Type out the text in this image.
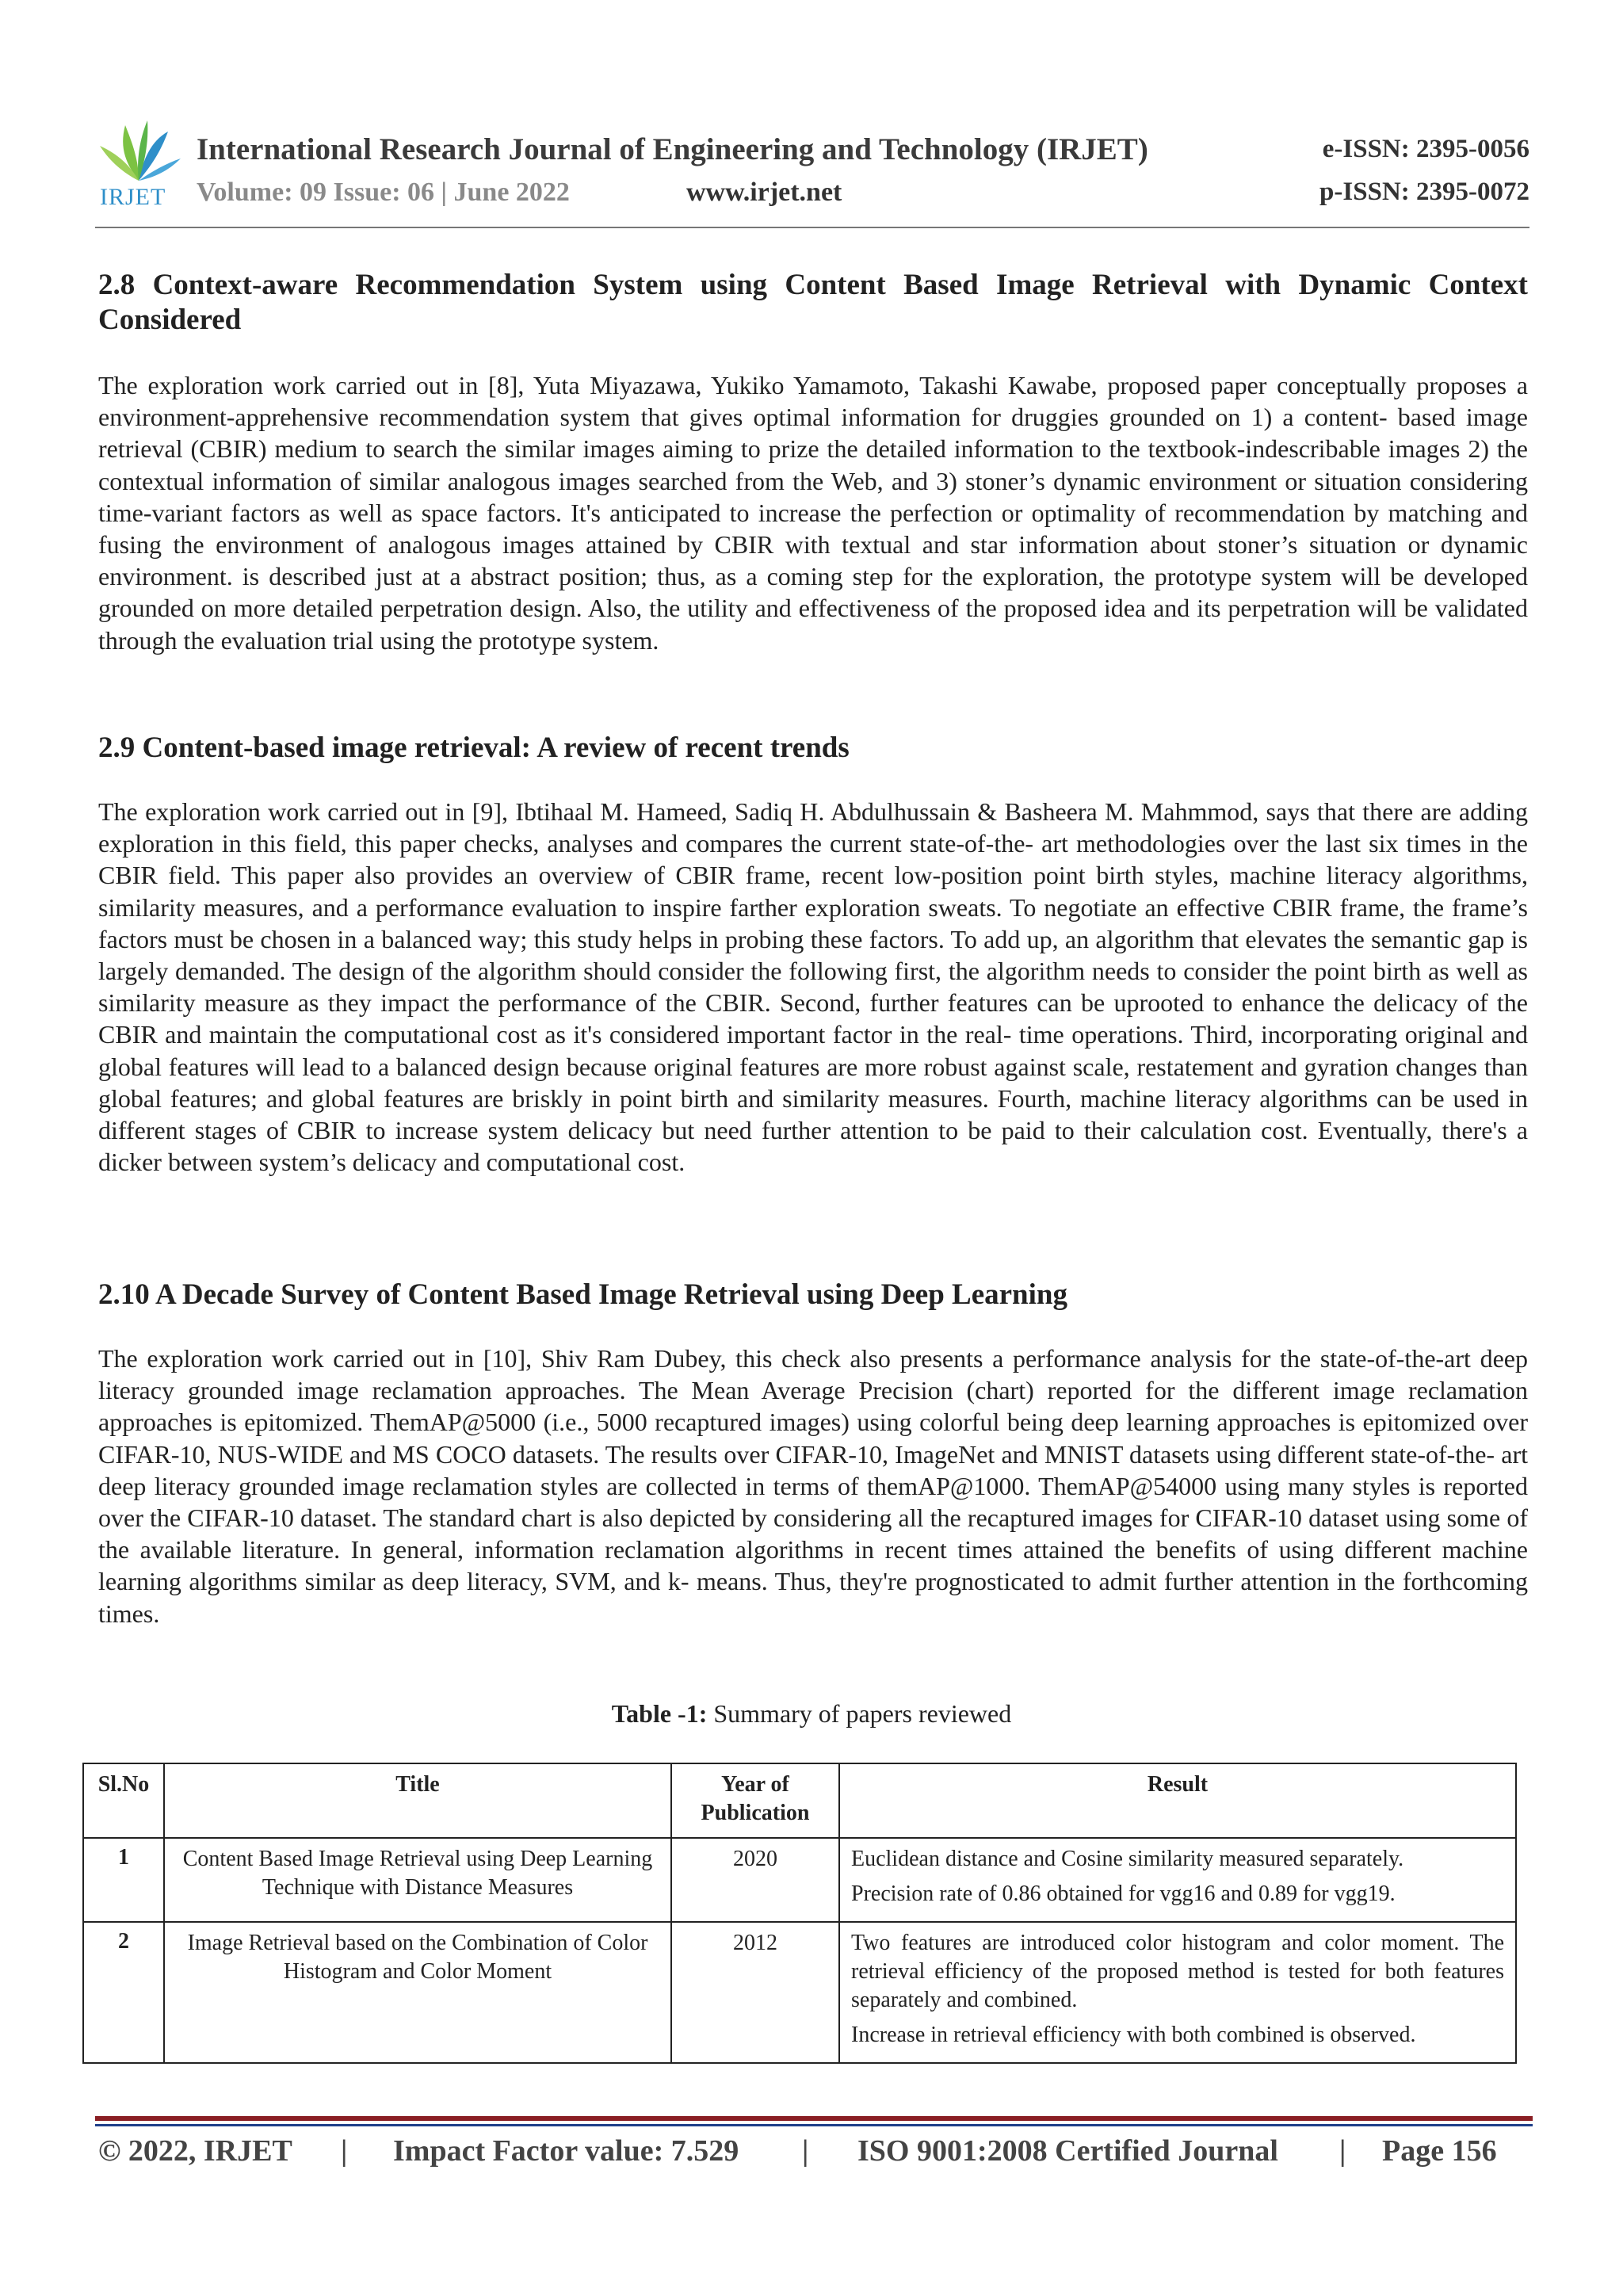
IRJET
International Research Journal of Engineering and Technology (IRJET)
Volume: 09 Issue: 06 | June 2022	www.irjet.net
e-ISSN: 2395-0056
p-ISSN: 2395-0072
2.8 Context-aware Recommendation System using Content Based Image Retrieval with Dynamic Context Considered

The exploration work carried out in [8], Yuta Miyazawa, Yukiko Yamamoto, Takashi Kawabe, proposed paper conceptually proposes a environment-apprehensive recommendation system that gives optimal information for druggies grounded on 1) a content- based image retrieval (CBIR) medium to search the similar images aiming to prize the detailed information to the textbook-indescribable images 2) the contextual information of similar analogous images searched from the Web, and 3) stoner’s dynamic environment or situation considering time-variant factors as well as space factors. It's anticipated to increase the perfection or optimality of recommendation by matching and fusing the environment of analogous images attained by CBIR with textual and star information about stoner’s situation or dynamic environment. is described just at a abstract position; thus, as a coming step for the exploration, the prototype system will be developed grounded on more detailed perpetration design. Also, the utility and effectiveness of the proposed idea and its perpetration will be validated through the evaluation trial using the prototype system.

2.9 Content-based image retrieval: A review of recent trends

The exploration work carried out in [9], Ibtihaal M. Hameed, Sadiq H. Abdulhussain & Basheera M. Mahmmod, says that there are adding exploration in this field, this paper checks, analyses and compares the current state-of-the- art methodologies over the last six times in the CBIR field. This paper also provides an overview of CBIR frame, recent low-position point birth styles, machine literacy algorithms, similarity measures, and a performance evaluation to inspire farther exploration sweats. To negotiate an effective CBIR frame, the frame’s factors must be chosen in a balanced way; this study helps in probing these factors. To add up, an algorithm that elevates the semantic gap is largely demanded. The design of the algorithm should consider the following first, the algorithm needs to consider the point birth as well as similarity measure as they impact the performance of the CBIR. Second, further features can be uprooted to enhance the delicacy of the CBIR and maintain the computational cost as it's considered important factor in the real- time operations. Third, incorporating original and global features will lead to a balanced design because original features are more robust against scale, restatement and gyration changes than global features; and global features are briskly in point birth and similarity measures. Fourth, machine literacy algorithms can be used in different stages of CBIR to increase system delicacy but need further attention to be paid to their calculation cost. Eventually, there's a dicker between system’s delicacy and computational cost.

2.10 A Decade Survey of Content Based Image Retrieval using Deep Learning

The exploration work carried out in [10], Shiv Ram Dubey, this check also presents a performance analysis for the state-of-the-art deep literacy grounded image reclamation approaches. The Mean Average Precision (chart) reported for the different image reclamation approaches is epitomized. ThemAP@5000 (i.e., 5000 recaptured images) using colorful being deep learning approaches is epitomized over CIFAR-10, NUS-WIDE and MS COCO datasets. The results over CIFAR-10, ImageNet and MNIST datasets using different state-of-the- art deep literacy grounded image reclamation styles are collected in terms of themAP@1000. ThemAP@54000 using many styles is reported over the CIFAR-10 dataset. The standard chart is also depicted by considering all the recaptured images for CIFAR-10 dataset using some of the available literature. In general, information reclamation algorithms in recent times attained the benefits of using different machine learning algorithms similar as deep literacy, SVM, and k- means. Thus, they're prognosticated to admit further attention in the forthcoming times.

Table -1: Summary of papers reviewed
Sl.No	Title	Year of Publication	Result
1	Content Based Image Retrieval using Deep Learning Technique with Distance Measures	2020	Euclidean distance and Cosine similarity measured separately.

Precision rate of 0.86 obtained for vgg16 and 0.89 for vgg19.

2	Image Retrieval based on the Combination of Color Histogram and Color Moment	2012	Two features are introduced color histogram and color moment. The retrieval efficiency of the proposed method is tested for both features separately and combined.

Increase in retrieval efficiency with both combined is observed.

© 2022, IRJET | Impact Factor value: 7.529 | ISO 9001:2008 Certified Journal | Page 156
